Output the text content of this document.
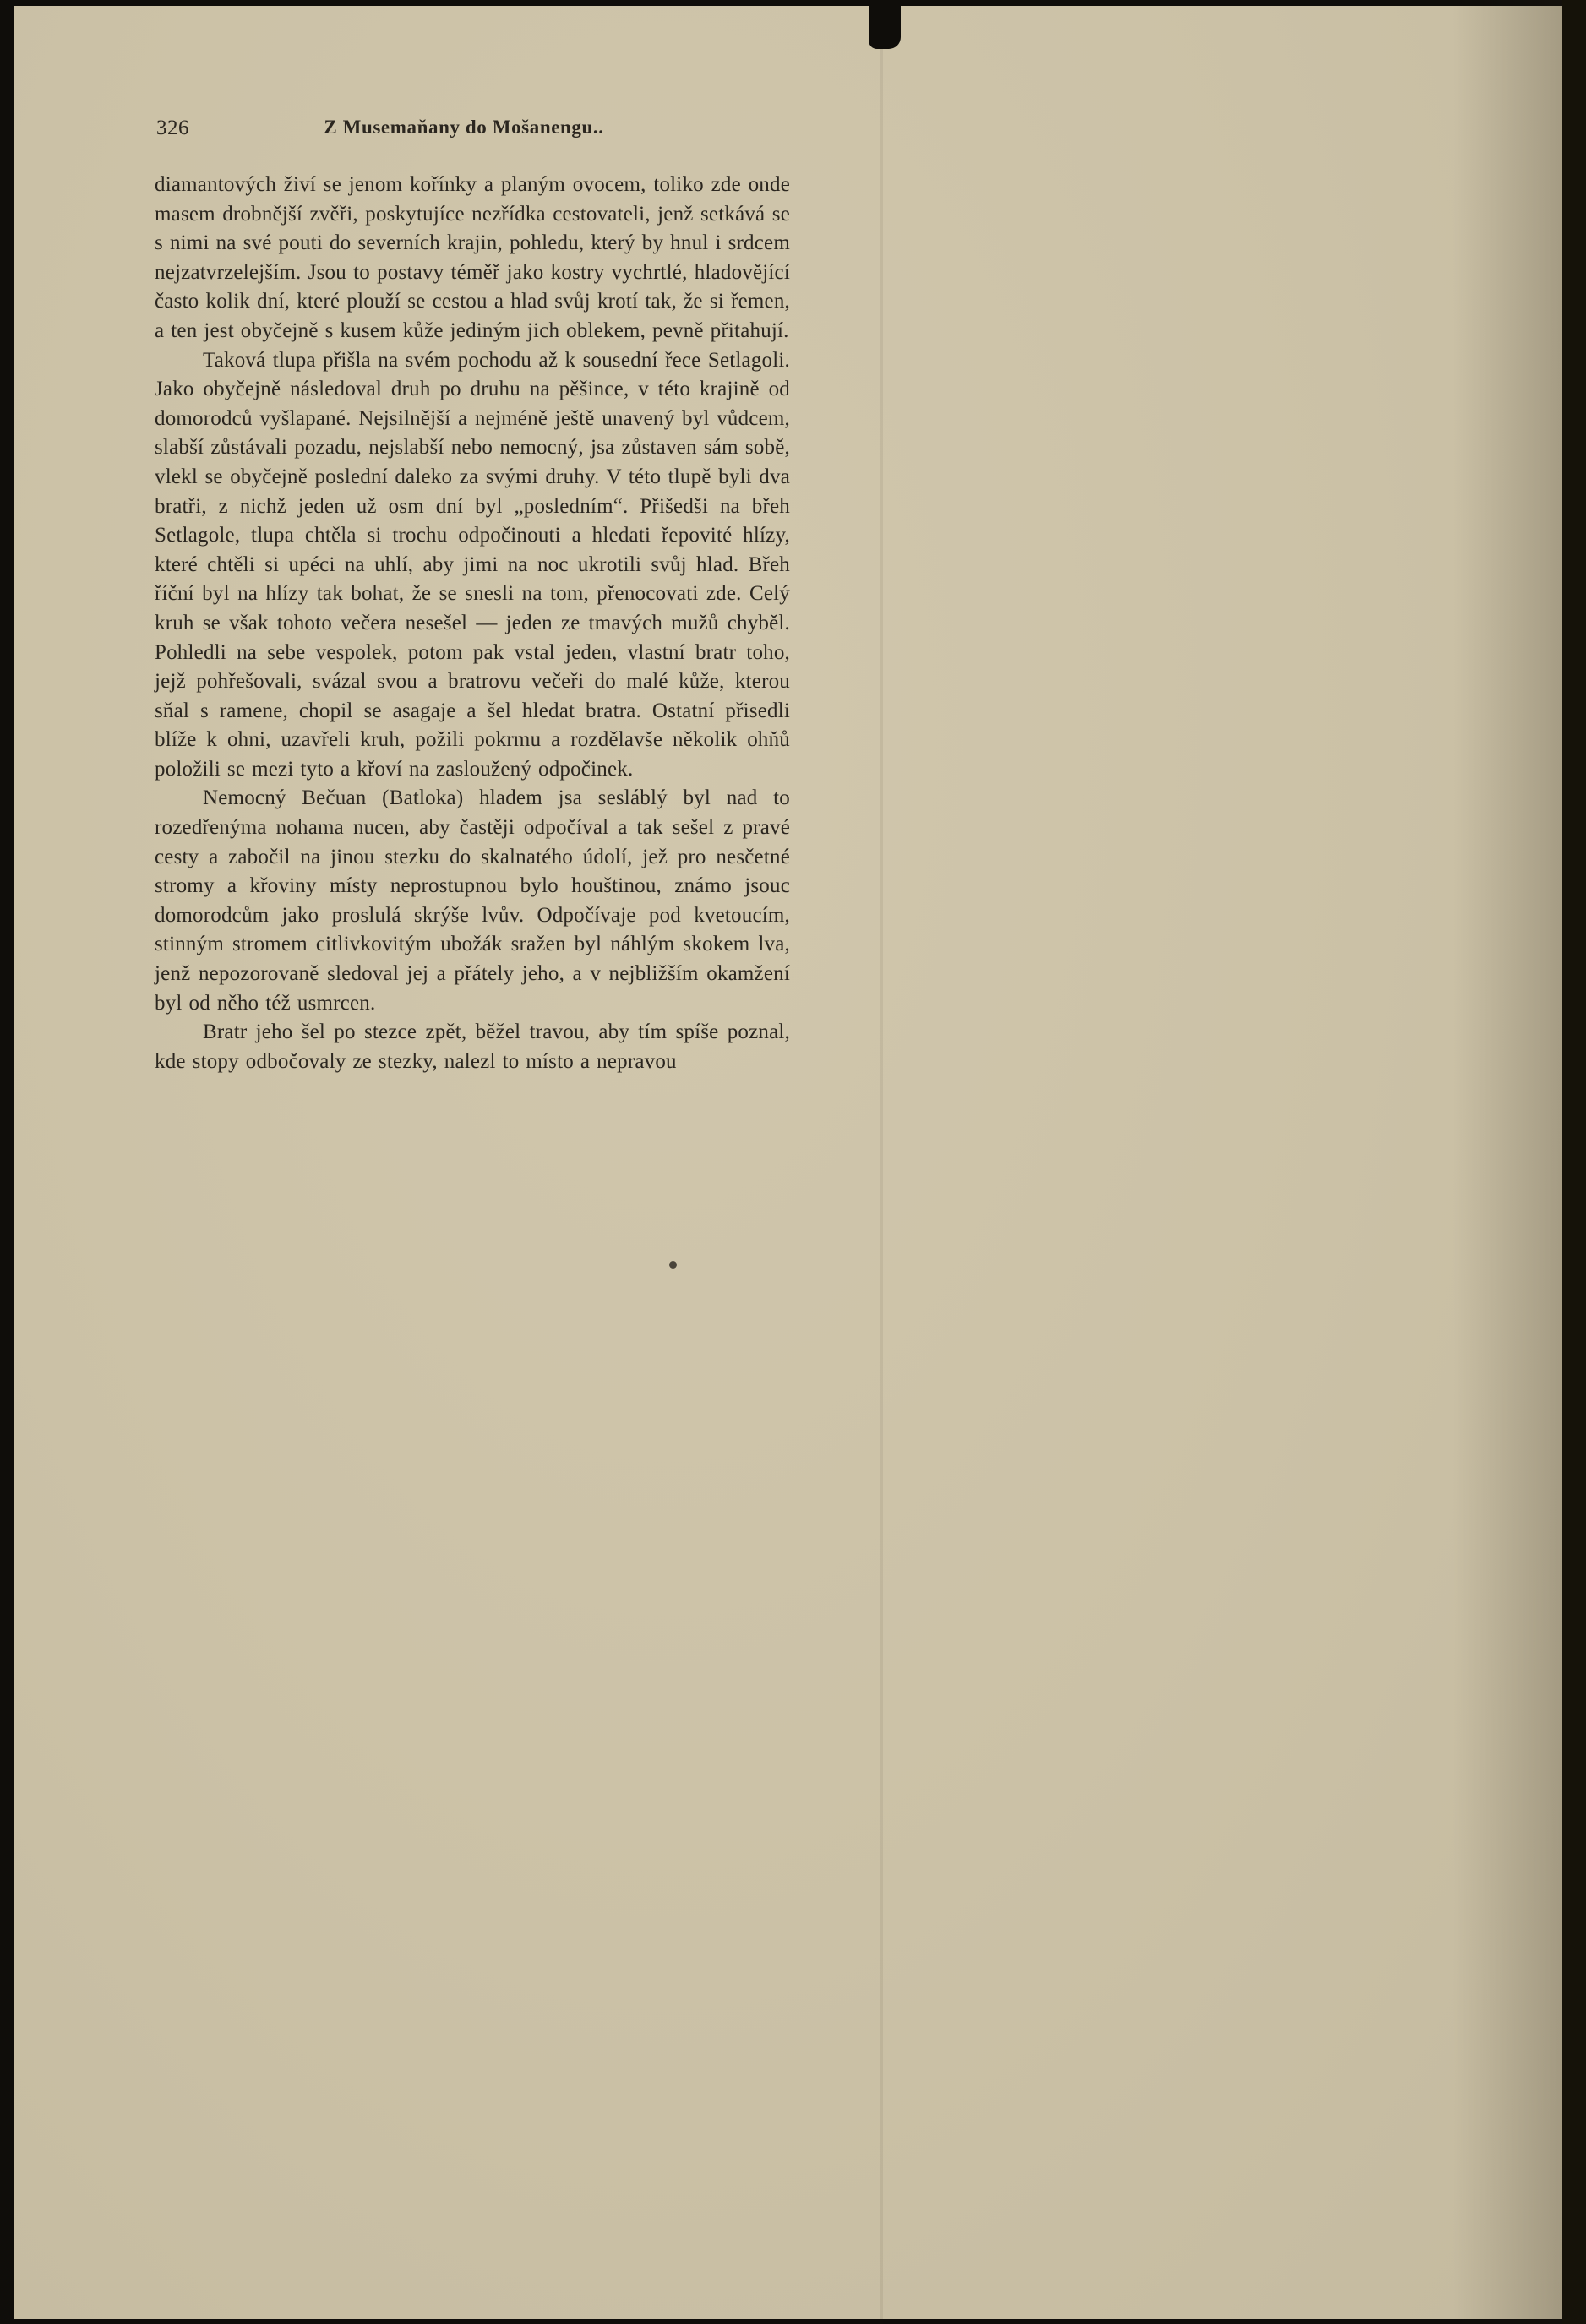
326	Z Musemaňany do Mošanengu..

diamantových živí se jenom kořínky a planým ovocem, toliko zde onde masem drobnější zvěři, poskytujíce nezřídka cestovateli, jenž setkává se s nimi na své pouti do severních krajin, pohledu, který by hnul i srdcem nejzatvrzelejším. Jsou to postavy téměř jako kostry vychrtlé, hladovějící často kolik dní, které plouží se cestou a hlad svůj krotí tak, že si řemen, a ten jest obyčejně s kusem kůže jediným jich oblekem, pevně přitahují.

Taková tlupa přišla na svém pochodu až k sousední řece Setlagoli. Jako obyčejně následoval druh po druhu na pěšince, v této krajině od domorodců vyšlapané. Nejsilnější a nejméně ještě unavený byl vůdcem, slabší zůstávali pozadu, nejslabší nebo nemocný, jsa zůstaven sám sobě, vlekl se obyčejně poslední daleko za svými druhy. V této tlupě byli dva bratři, z nichž jeden už osm dní byl „posledním“. Přišedši na břeh Setlagole, tlupa chtěla si trochu odpočinouti a hledati řepovité hlízy, které chtěli si upéci na uhlí, aby jimi na noc ukrotili svůj hlad. Břeh říční byl na hlízy tak bohat, že se snesli na tom, přenocovati zde. Celý kruh se však tohoto večera nesešel — jeden ze tmavých mužů chyběl. Pohledli na sebe vespolek, potom pak vstal jeden, vlastní bratr toho, jejž pohřešovali, svázal svou a bratrovu večeři do malé kůže, kterou sňal s ramene, chopil se asagaje a šel hledat bratra. Ostatní přisedli blíže k ohni, uzavřeli kruh, požili pokrmu a rozdělavše několik ohňů položili se mezi tyto a křoví na zasloužený odpočinek.

Nemocný Bečuan (Batloka) hladem jsa sesláblý byl nad to rozedřenýma nohama nucen, aby častěji odpočíval a tak sešel z pravé cesty a zabočil na jinou stezku do skalnatého údolí, jež pro nesčetné stromy a křoviny místy neprostupnou bylo houštinou, známo jsouc domorodcům jako proslulá skrýše lvův. Odpočívaje pod kvetoucím, stinným stromem citlivkovitým ubožák sražen byl náhlým skokem lva, jenž nepozorovaně sledoval jej a přátely jeho, a v nejbližším okamžení byl od něho též usmrcen.

Bratr jeho šel po stezce zpět, běžel travou, aby tím spíše poznal, kde stopy odbočovaly ze stezky, nalezl to místo a nepravou
